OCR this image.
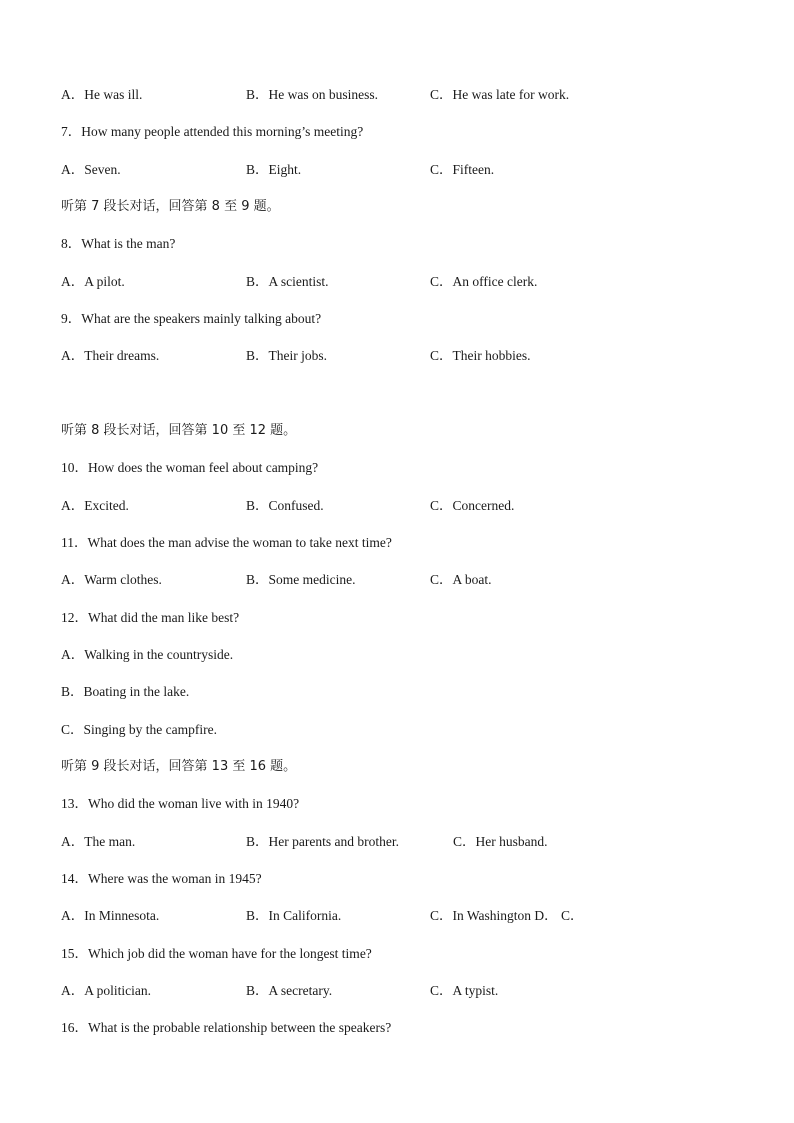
A．He was ill.	B．He was on business.	C．He was late for work.
7．How many people attended this morning’s meeting?
A．Seven.	B．Eight.	C．Fifteen.
听第 7 段长对话，回答第 8 至 9 题。
8．What is the man?
A．A pilot.	B．A scientist.	C．An office clerk.
9．What are the speakers mainly talking about?
A．Their dreams.	B．Their jobs.	C．Their hobbies.
听第 8 段长对话，回答第 10 至 12 题。
10．How does the woman feel about camping?
A．Excited.	B．Confused.	C．Concerned.
11．What does the man advise the woman to take next time?
A．Warm clothes.	B．Some medicine.	C．A boat.
12．What did the man like best?
A．Walking in the countryside.
B．Boating in the lake.
C．Singing by the campfire.
听第 9 段长对话，回答第 13 至 16 题。
13．Who did the woman live with in 1940?
A．The man.	B．Her parents and brother.	C．Her husband.
14．Where was the woman in 1945?
A．In Minnesota.	B．In California.	C．In Washington D． C．
15．Which job did the woman have for the longest time?
A．A politician.	B．A secretary.	C．A typist.
16．What is the probable relationship between the speakers?
